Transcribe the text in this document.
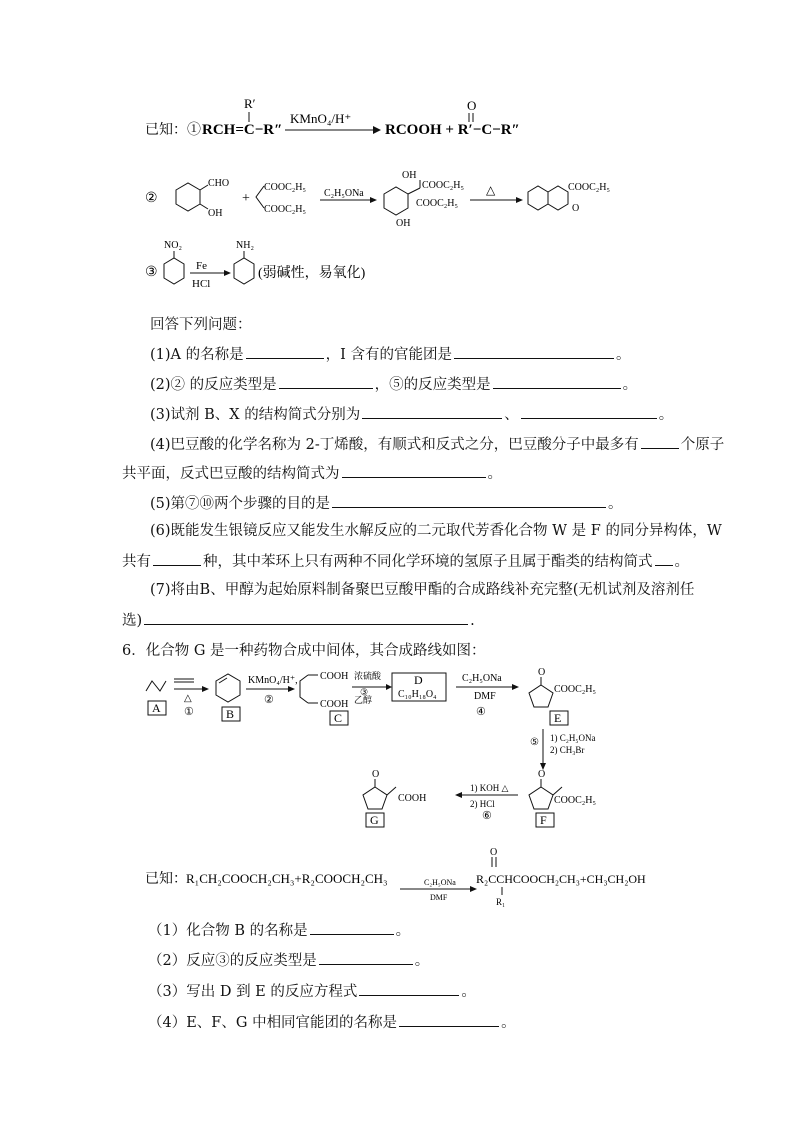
已知：① RCH=C−R″
R′
KMnO₄/H⁺
RCOOH + R′−C−R″
O
②
CHO
OH
+
COOC₂H₅
COOC₂H₅
C₂H₅ONa
OH
COOC₂H₅
COOC₂H₅
OH
△	COOC₂H₅
O
③
NO₂
Fe
HCl
NH₂
(弱碱性，易氧化)
回答下列问题：
(1)A 的名称是	，I 含有的官能团是	。
(2)② 的反应类型是	，⑤的反应类型是	。
(3)试剂 B、X 的结构简式分别为	、	。
(4)巴豆酸的化学名称为 2-丁烯酸，有顺式和反式之分，巴豆酸分子中最多有	个原子
共平面，反式巴豆酸的结构简式为	。
(5)第⑦⑩两个步骤的目的是	。
(6)既能发生银镜反应又能发生水解反应的二元取代芳香化合物 W 是 F 的同分异构体，W
共有	种，其中苯环上只有两种不同化学环境的氢原子且属于酯类的结构简式 。
(7)将由B、甲醇为起始原料制备聚巴豆酸甲酯的合成路线补充完整(无机试剂及溶剂任
选)	.
6．化合物 G 是一种药物合成中间体，其合成路线如图：
A
△
①	B
KMnO₄/H⁺,
②
COOH
COOH
C
浓硫酸
③
乙醇
D
C₁₀H₁₈O₄
C₂H₅ONa
DMF
④
O
COOC₂H₅
E
⑤ 1) C₂H₅ONa
2) CH₃Br
O
COOC₂H₅
F
1) KOH △
2) HCl
⑥
O
COOH
G
已知： R₁CH₂COOCH₂CH₃+R₂COOCH₂CH₃	C₂H₅ONa
DMF
O
R₂CCHCOOCH₂CH₃+CH₃CH₂OH
R₁
（1）化合物 B 的名称是	。
（2）反应③的反应类型是	。
（3）写出 D 到 E 的反应方程式	。
（4）E、F、G 中相同官能团的名称是	。
